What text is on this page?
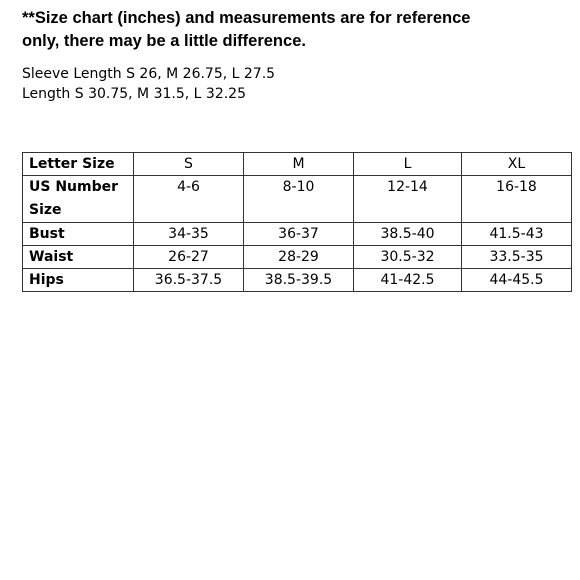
**Size chart (inches) and measurements are for reference
only, there may be a little difference.
Sleeve Length S 26, M 26.75, L 27.5
Length S 30.75, M 31.5, L 32.25
Letter Size	S	M	L	XL
US Number Size	4-6	8-10	12-14	16-18
Bust	34-35	36-37	38.5-40	41.5-43
Waist	26-27	28-29	30.5-32	33.5-35
Hips	36.5-37.5	38.5-39.5	41-42.5	44-45.5
